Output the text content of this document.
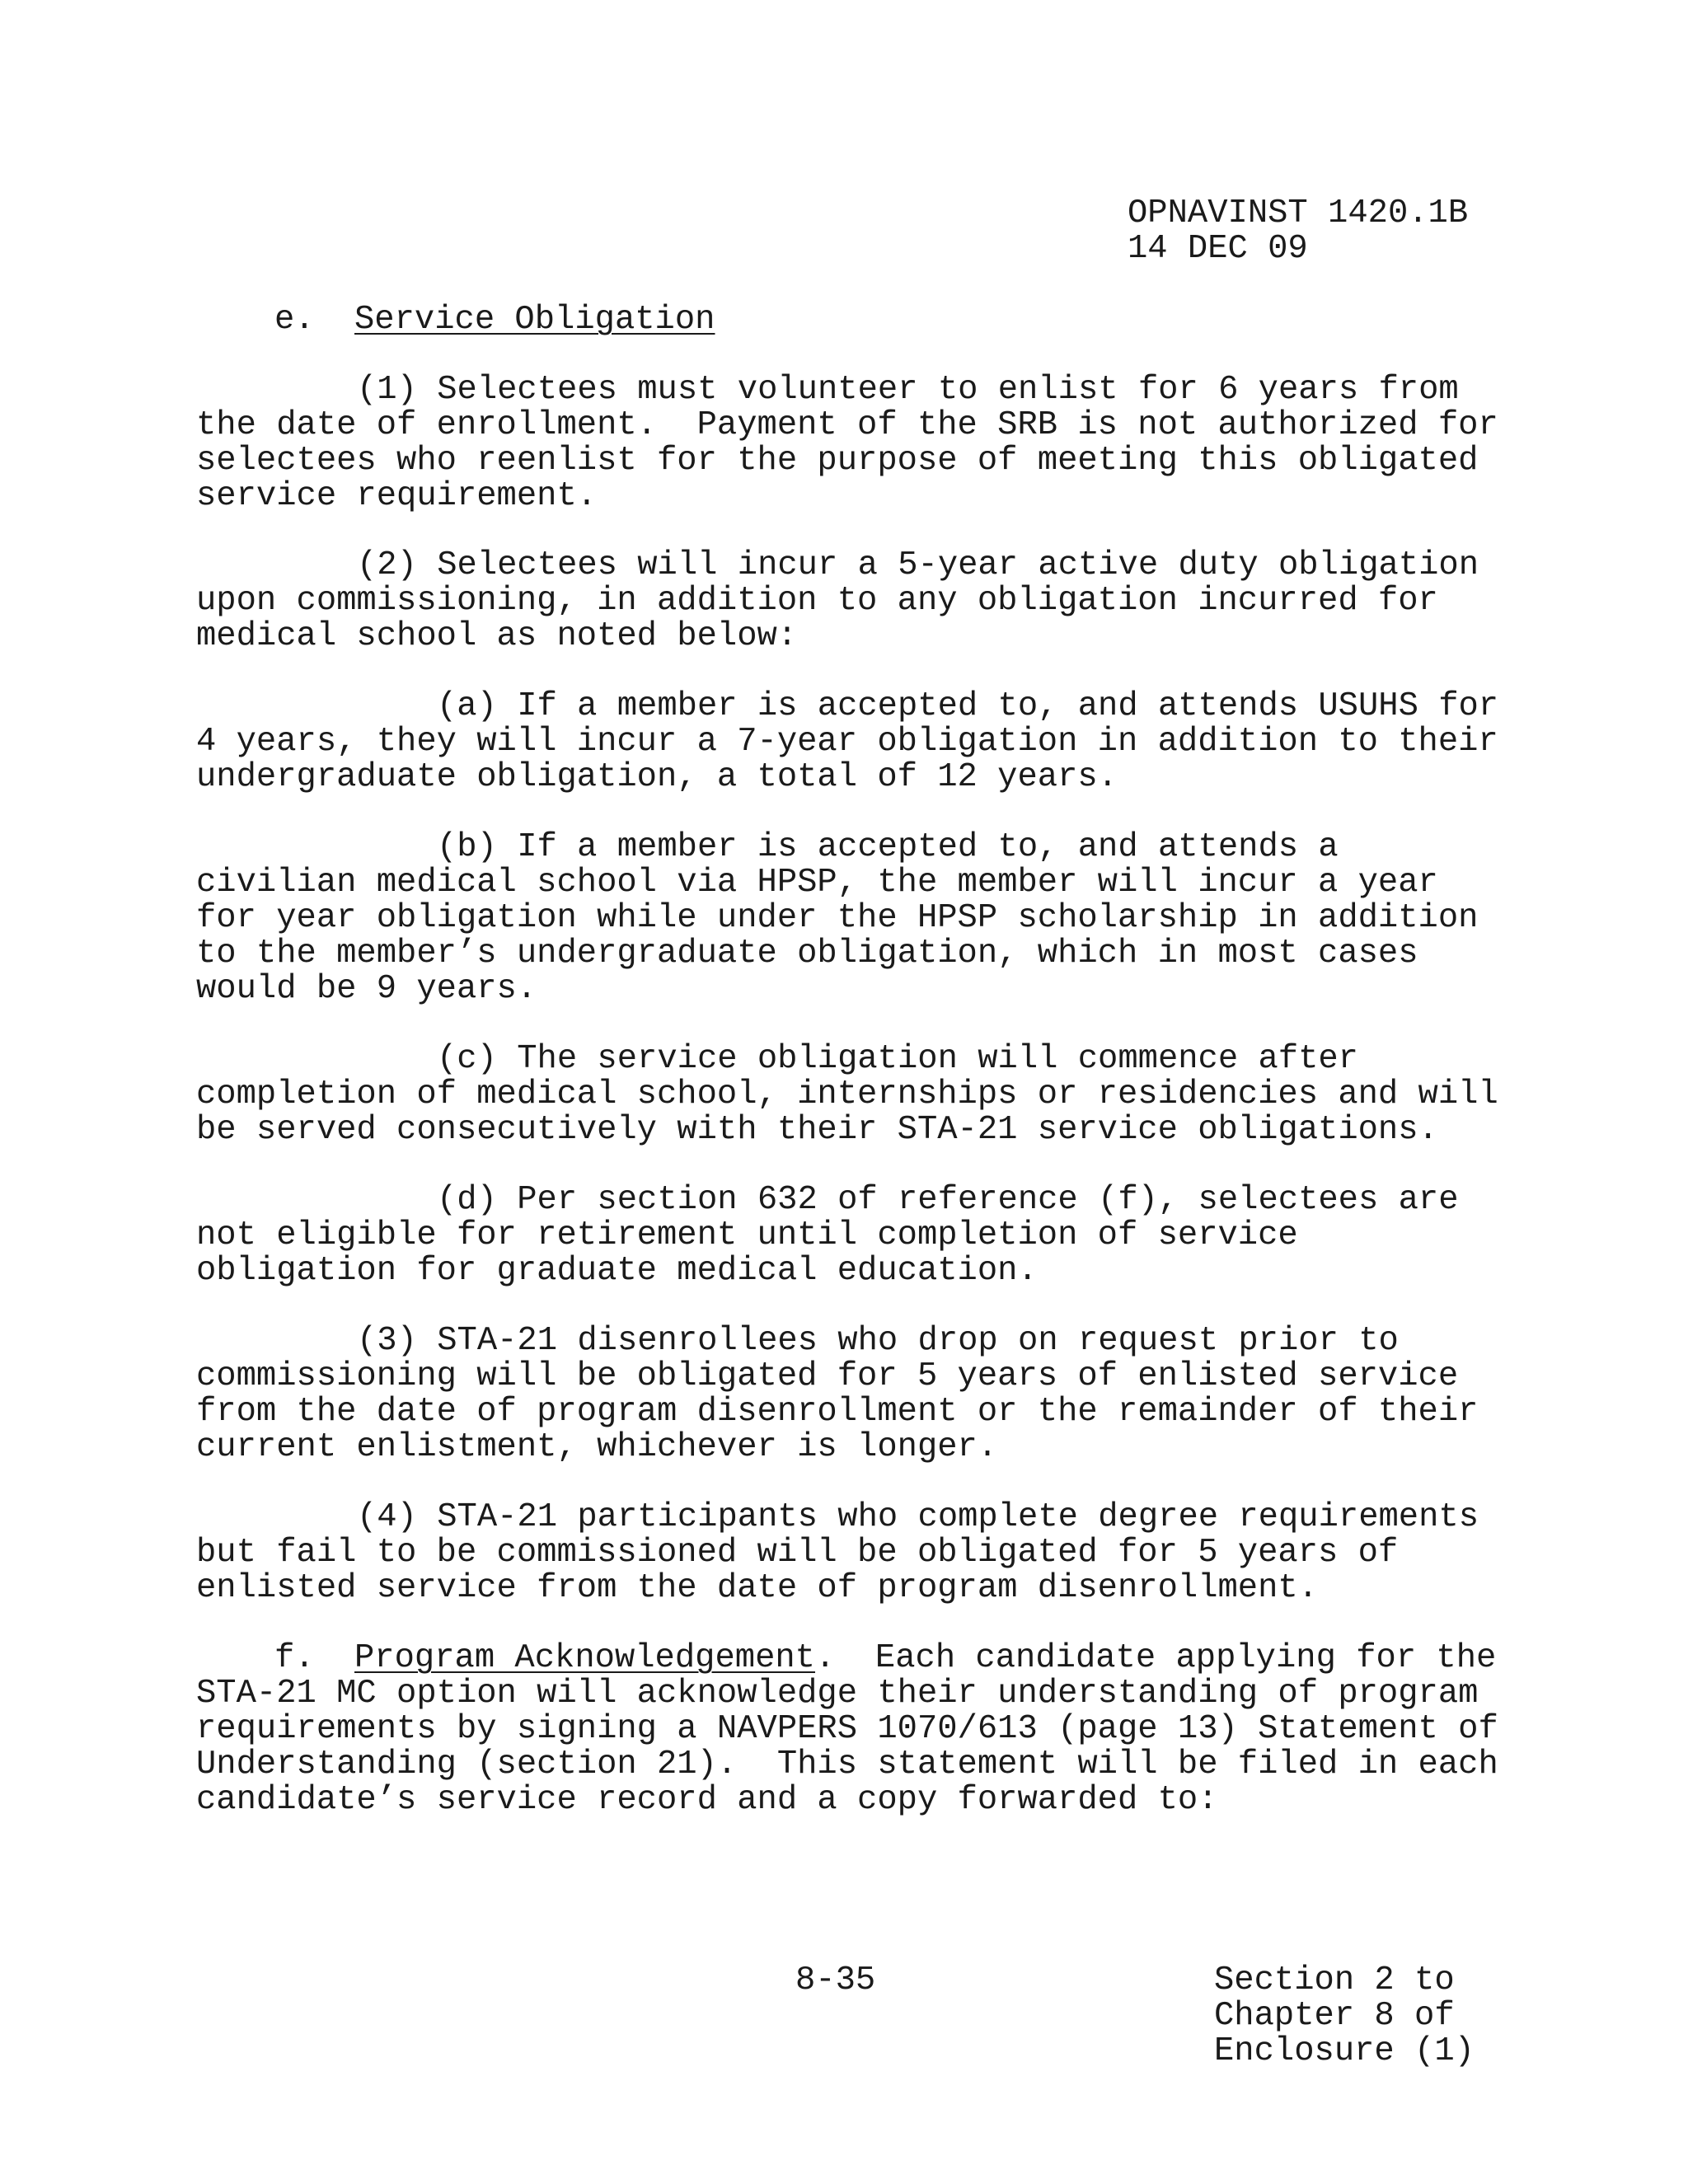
OPNAVINST 1420.1B
14 DEC 09
e. Service Obligation
(1) Selectees must volunteer to enlist for 6 years from
the date of enrollment.  Payment of the SRB is not authorized for
selectees who reenlist for the purpose of meeting this obligated
service requirement.
(2) Selectees will incur a 5-year active duty obligation
upon commissioning, in addition to any obligation incurred for
medical school as noted below:
(a) If a member is accepted to, and attends USUHS for
4 years, they will incur a 7-year obligation in addition to their
undergraduate obligation, a total of 12 years.
(b) If a member is accepted to, and attends a
civilian medical school via HPSP, the member will incur a year
for year obligation while under the HPSP scholarship in addition
to the member’s undergraduate obligation, which in most cases
would be 9 years.
(c) The service obligation will commence after
completion of medical school, internships or residencies and will
be served consecutively with their STA-21 service obligations.
(d) Per section 632 of reference (f), selectees are
not eligible for retirement until completion of service
obligation for graduate medical education.
(3) STA-21 disenrollees who drop on request prior to
commissioning will be obligated for 5 years of enlisted service
from the date of program disenrollment or the remainder of their
current enlistment, whichever is longer.
(4) STA-21 participants who complete degree requirements
but fail to be commissioned will be obligated for 5 years of
enlisted service from the date of program disenrollment.
f. Program Acknowledgement.  Each candidate applying for the
STA-21 MC option will acknowledge their understanding of program
requirements by signing a NAVPERS 1070/613 (page 13) Statement of
Understanding (section 21).  This statement will be filed in each
candidate’s service record and a copy forwarded to:
8-35	Section 2 to
Chapter 8 of
Enclosure (1)
